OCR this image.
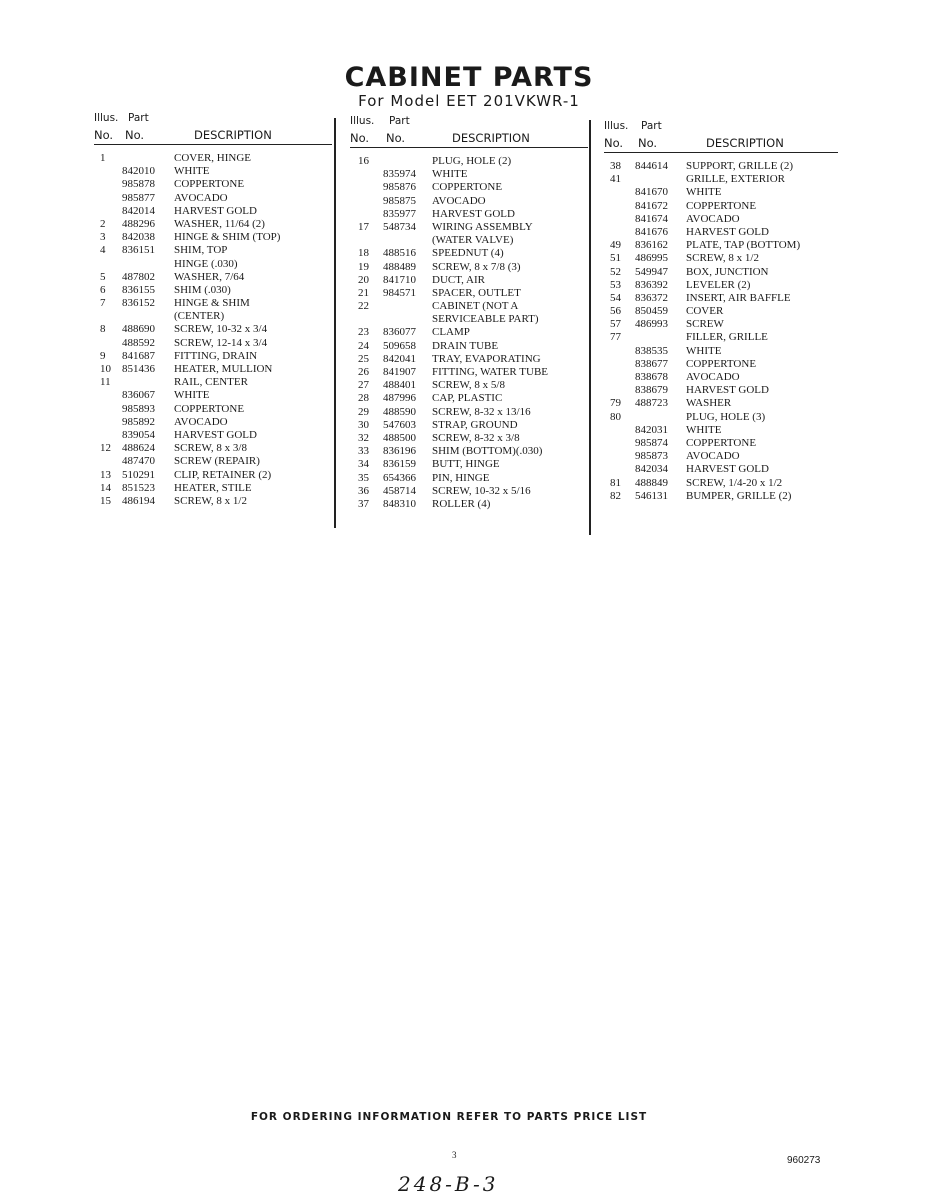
CABINET PARTS
For Model EET 201VKWR-1
Illus. Part
No. No.	DESCRIPTION
1	COVER, HINGE
842010 WHITE
985878 COPPERTONE
985877 AVOCADO
842014 HARVEST GOLD
2 488296 WASHER, 11/64 (2)
3 842038 HINGE & SHIM (TOP)
4 836151 SHIM, TOP
HINGE (.030)
5 487802 WASHER, 7/64
6 836155 SHIM (.030)
7 836152 HINGE & SHIM
(CENTER)
8 488690 SCREW, 10-32 x 3/4
488592 SCREW, 12-14 x 3/4
9 841687 FITTING, DRAIN
10 851436 HEATER, MULLION
11	RAIL, CENTER
836067 WHITE
985893 COPPERTONE
985892 AVOCADO
839054 HARVEST GOLD
12 488624 SCREW, 8 x 3/8
487470 SCREW (REPAIR)
13 510291 CLIP, RETAINER (2)
14 851523 HEATER, STILE
15 486194 SCREW, 8 x 1/2
Illus. Part
No. No.	DESCRIPTION
16	PLUG, HOLE (2)
835974 WHITE
985876 COPPERTONE
985875 AVOCADO
835977 HARVEST GOLD
17 548734 WIRING ASSEMBLY
(WATER VALVE)
18 488516 SPEEDNUT (4)
19 488489 SCREW, 8 x 7/8 (3)
20 841710 DUCT, AIR
21 984571 SPACER, OUTLET
22	CABINET (NOT A
SERVICEABLE PART)
23 836077 CLAMP
24 509658 DRAIN TUBE
25 842041 TRAY, EVAPORATING
26 841907 FITTING, WATER TUBE
27 488401 SCREW, 8 x 5/8
28 487996 CAP, PLASTIC
29 488590 SCREW, 8-32 x 13/16
30 547603 STRAP, GROUND
32 488500 SCREW, 8-32 x 3/8
33 836196 SHIM (BOTTOM)(.030)
34 836159 BUTT, HINGE
35 654366 PIN, HINGE
36 458714 SCREW, 10-32 x 5/16
37 848310 ROLLER (4)
Illus. Part
No. No.	DESCRIPTION
38 844614 SUPPORT, GRILLE (2)
41	GRILLE, EXTERIOR
841670 WHITE
841672 COPPERTONE
841674 AVOCADO
841676 HARVEST GOLD
49 836162 PLATE, TAP (BOTTOM)
51 486995 SCREW, 8 x 1/2
52 549947 BOX, JUNCTION
53 836392 LEVELER (2)
54 836372 INSERT, AIR BAFFLE
56 850459 COVER
57 486993 SCREW
77	FILLER, GRILLE
838535 WHITE
838677 COPPERTONE
838678 AVOCADO
838679 HARVEST GOLD
79 488723 WASHER
80	PLUG, HOLE (3)
842031 WHITE
985874 COPPERTONE
985873 AVOCADO
842034 HARVEST GOLD
81 488849 SCREW, 1/4-20 x 1/2
82 546131 BUMPER, GRILLE (2)
FOR ORDERING INFORMATION REFER TO PARTS PRICE LIST
3	960273
248-B-3
